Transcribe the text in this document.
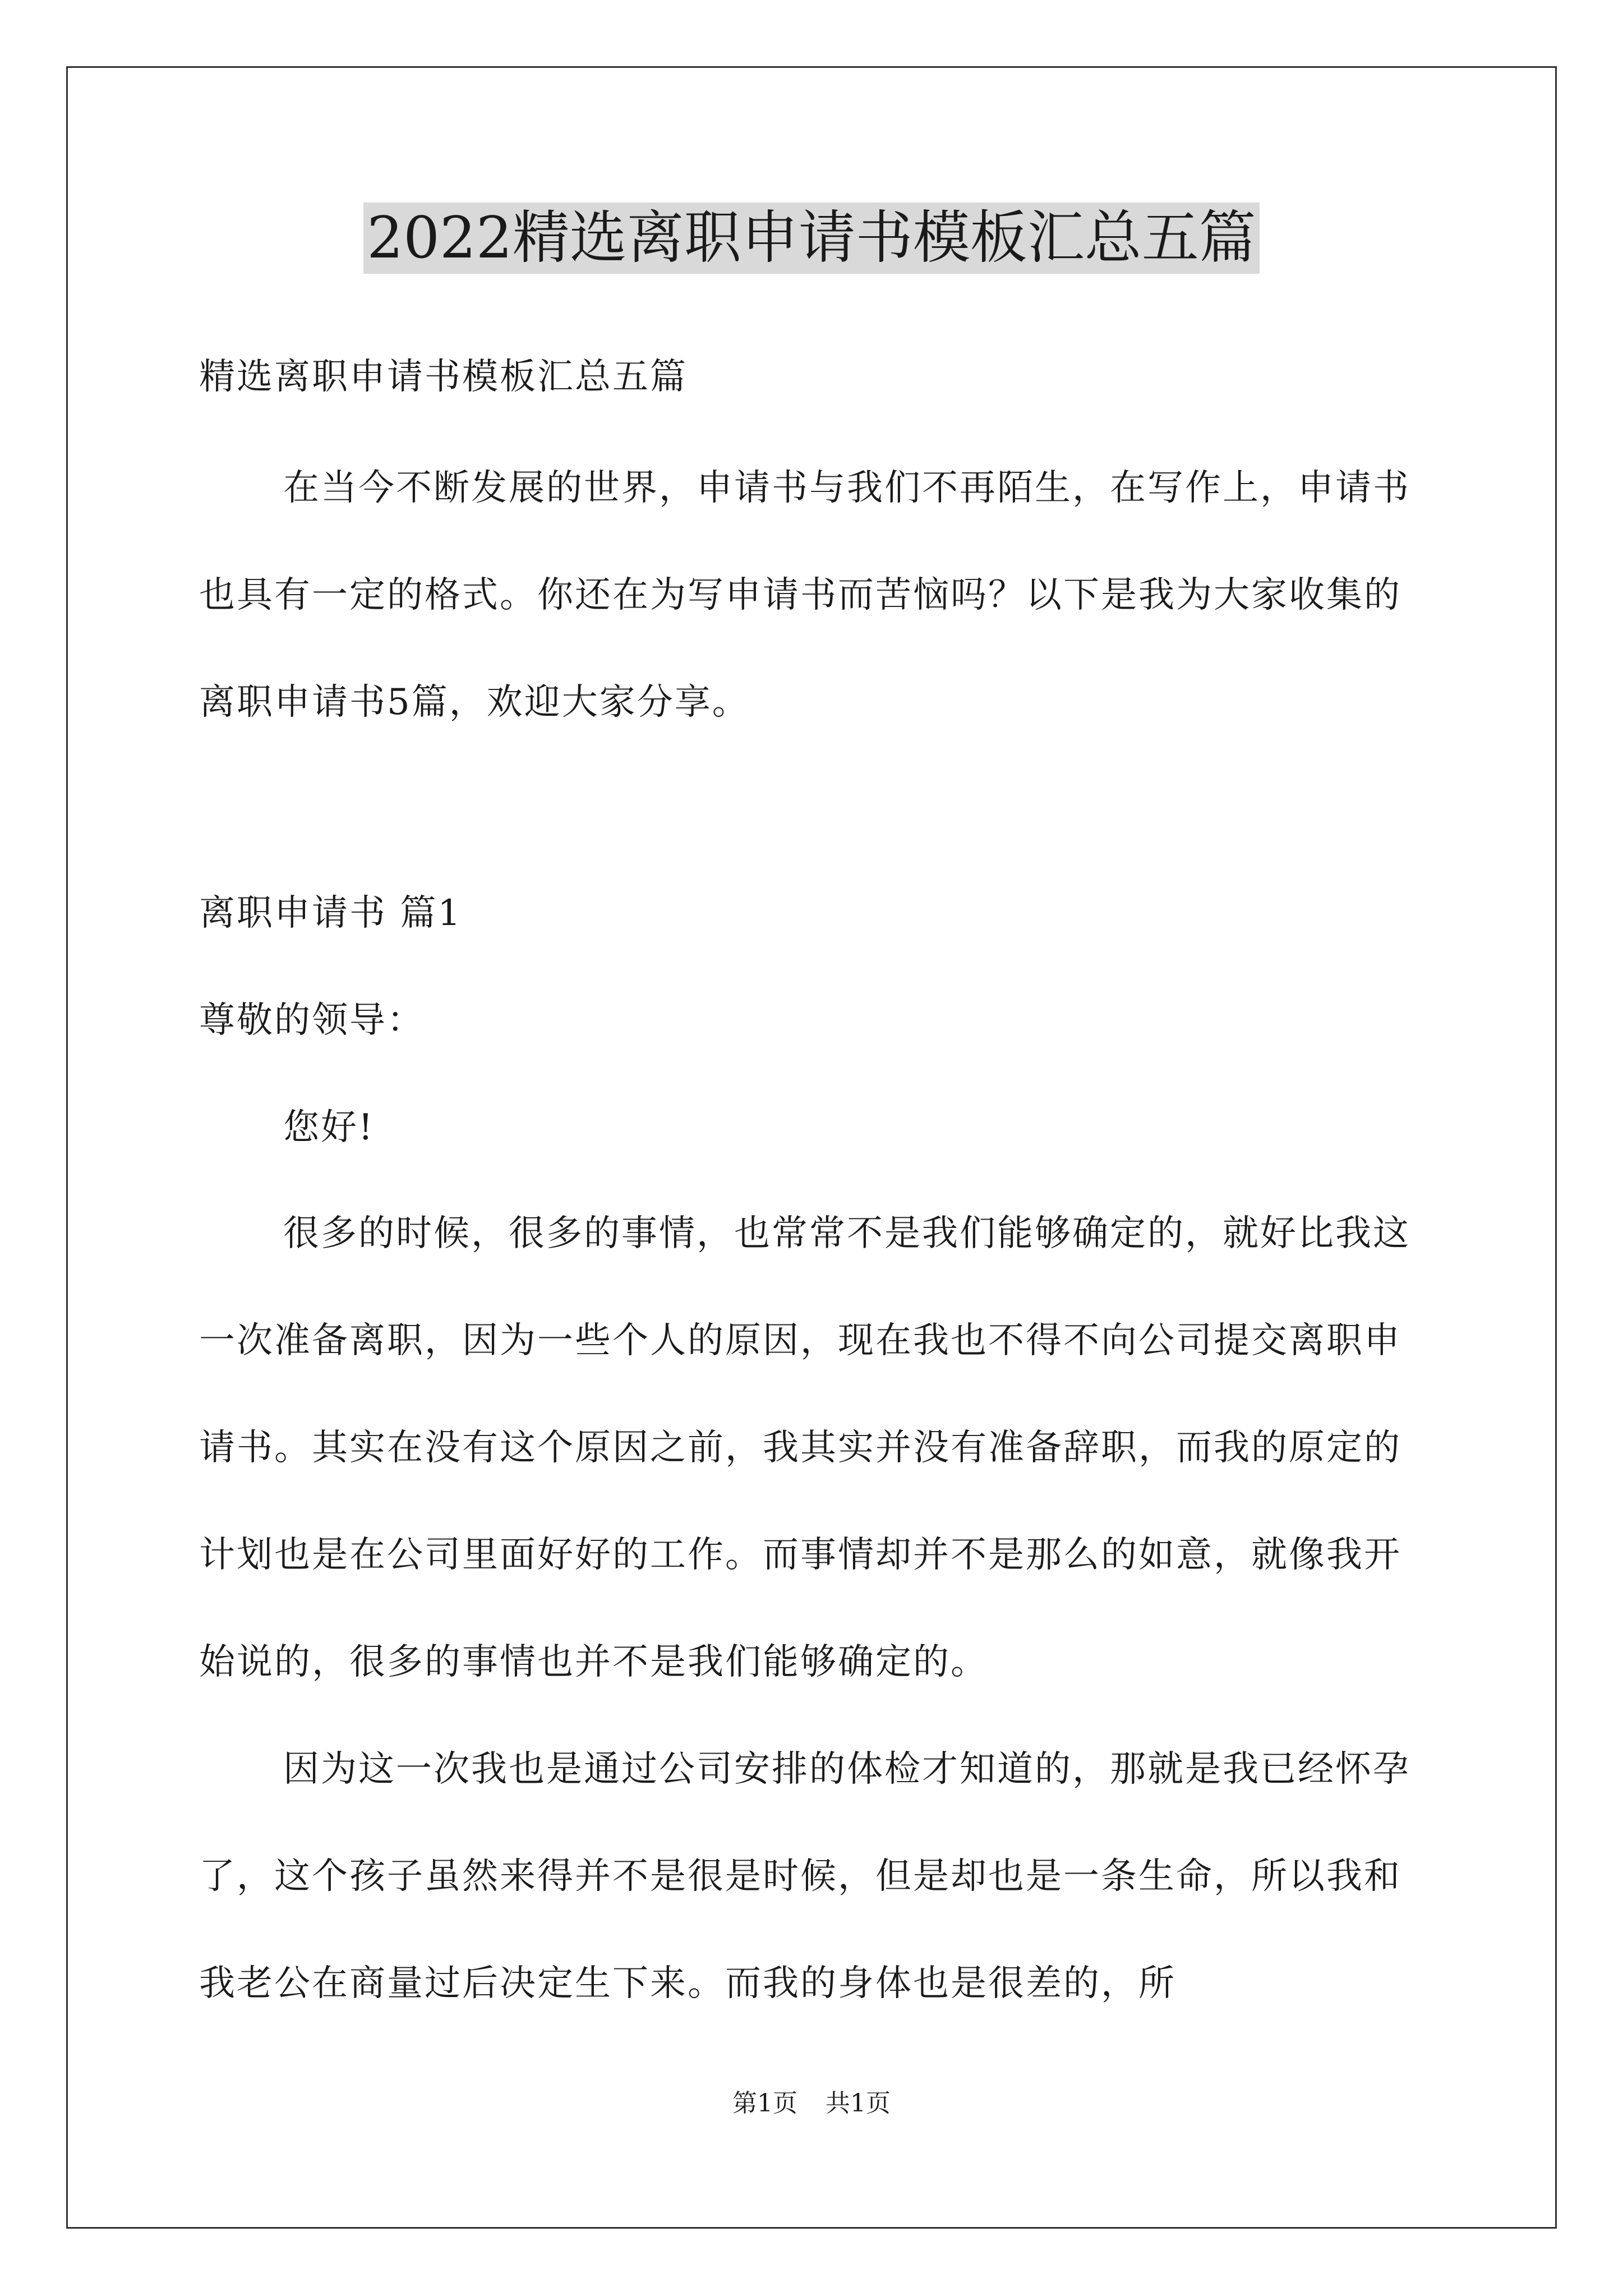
2022精选离职申请书模板汇总五篇

精选离职申请书模板汇总五篇

在当今不断发展的世界，申请书与我们不再陌生，在写作上，申请书也具有一定的格式。你还在为写申请书而苦恼吗？以下是我为大家收集的离职申请书5篇，欢迎大家分享。

离职申请书 篇1

尊敬的领导：

您好!

很多的时候，很多的事情，也常常不是我们能够确定的，就好比我这一次准备离职，因为一些个人的原因，现在我也不得不向公司提交离职申请书。其实在没有这个原因之前，我其实并没有准备辞职，而我的原定的计划也是在公司里面好好的工作。而事情却并不是那么的如意，就像我开始说的，很多的事情也并不是我们能够确定的。

因为这一次我也是通过公司安排的体检才知道的，那就是我已经怀孕了，这个孩子虽然来得并不是很是时候，但是却也是一条生命，所以我和我老公在商量过后决定生下来。而我的身体也是很差的，所

第1页 共1页
